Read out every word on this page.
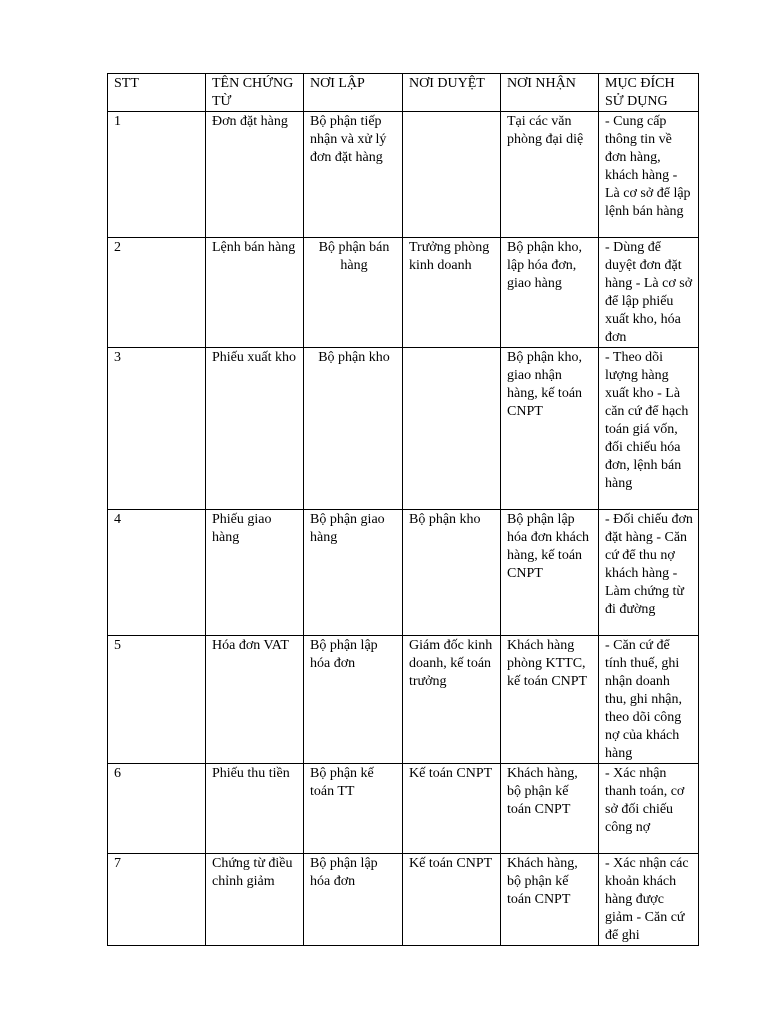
STT	TÊN CHỨNG TỪ	NƠI LẬP	NƠI DUYỆT	NƠI NHẬN	MỤC ĐÍCH SỬ DỤNG
1	Đơn đặt hàng	Bộ phận tiếp nhận và xử lý đơn đặt hàng		Tại các văn phòng đại diệ	- Cung cấp thông tin về đơn hàng, khách hàng - Là cơ sở để lập lệnh bán hàng
2	Lệnh bán hàng	Bộ phận bán hàng	Trưởng phòng kinh doanh	Bộ phận kho, lập hóa đơn, giao hàng	- Dùng để duyệt đơn đặt hàng - Là cơ sở để lập phiếu xuất kho, hóa đơn
3	Phiếu xuất kho	Bộ phận kho		Bộ phận kho, giao nhận hàng, kế toán CNPT	- Theo dõi lượng hàng xuất kho - Là căn cứ để hạch toán giá vốn, đối chiếu hóa đơn, lệnh bán hàng
4	Phiếu giao hàng	Bộ phận giao hàng	Bộ phận kho	Bộ phận lập hóa đơn khách hàng, kế toán CNPT	- Đối chiếu đơn đặt hàng - Căn cứ để thu nợ khách hàng - Làm chứng từ đi đường
5	Hóa đơn VAT	Bộ phận lập hóa đơn	Giám đốc kinh doanh, kế toán trưởng	Khách hàng phòng KTTC, kế toán CNPT	- Căn cứ để tính thuế, ghi nhận doanh thu, ghi nhận, theo dõi công nợ của khách hàng
6	Phiếu thu tiền	Bộ phận kế toán TT	Kế toán CNPT	Khách hàng, bộ phận kế toán CNPT	- Xác nhận thanh toán, cơ sở đối chiếu công nợ
7	Chứng từ điều chỉnh giảm	Bộ phận lập hóa đơn	Kế toán CNPT	Khách hàng, bộ phận kế toán CNPT	- Xác nhận các khoản khách hàng được giảm - Căn cứ để ghi
